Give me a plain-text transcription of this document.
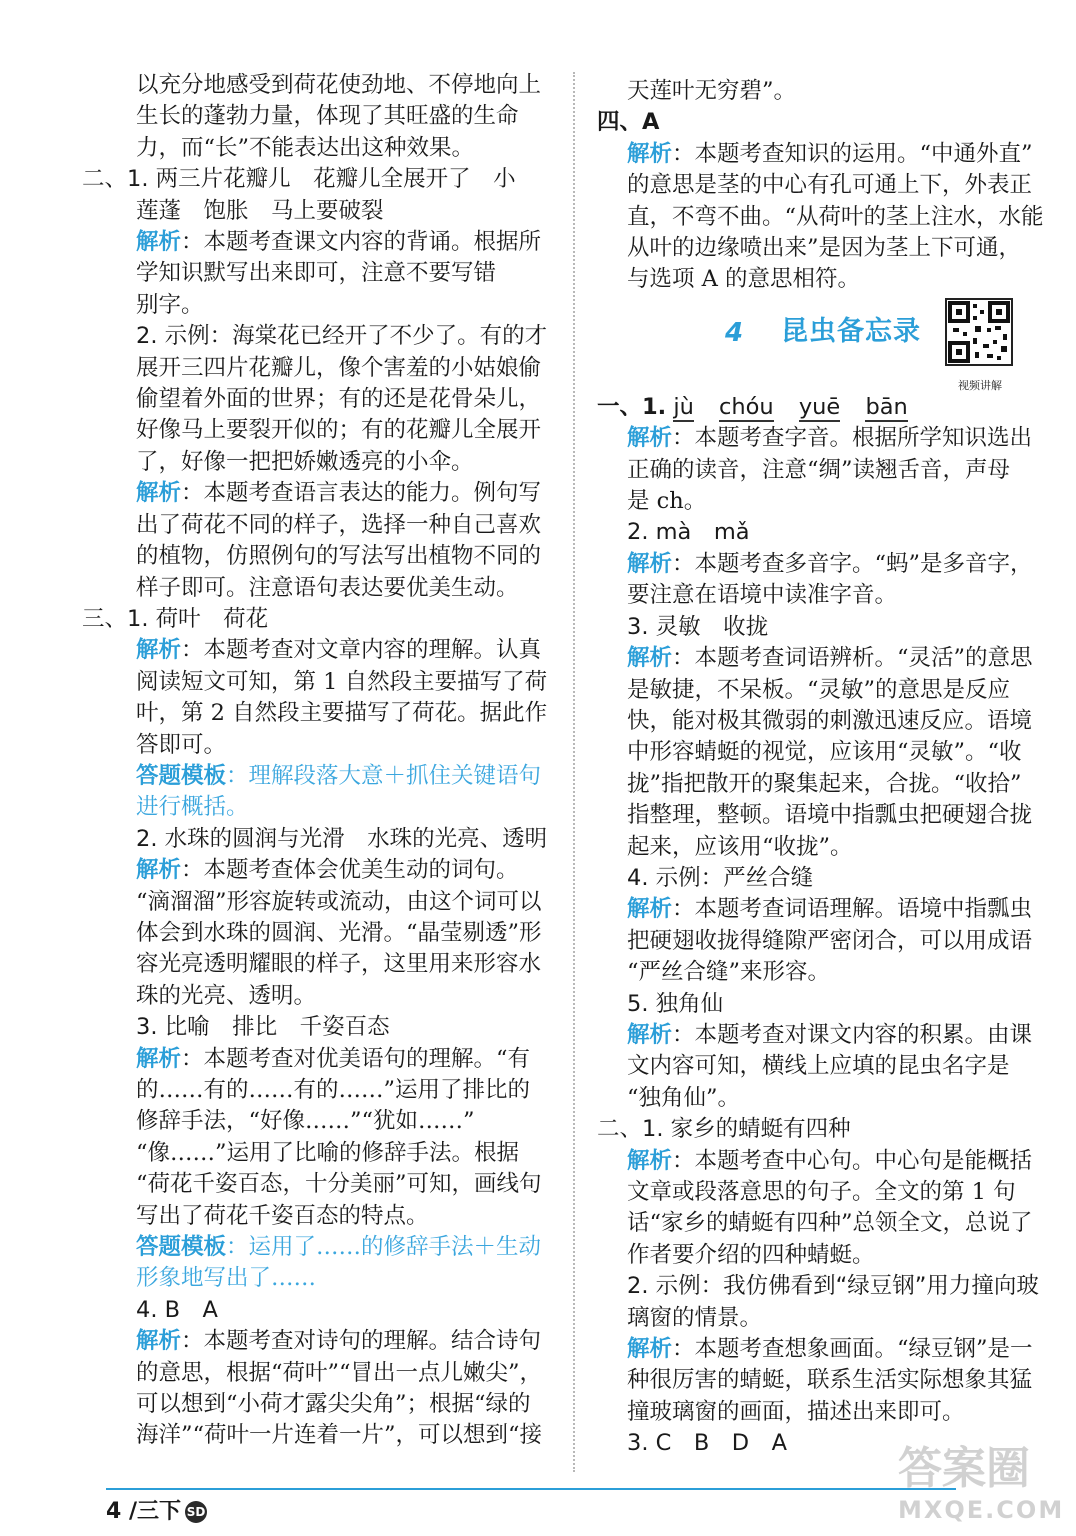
以充分地感受到荷花使劲地、不停地向上

生长的蓬勃力量，体现了其旺盛的生命

力，而“长”不能表达出这种效果。

二、1. 两三片花瓣儿　花瓣儿全展开了　小

莲蓬　饱胀　马上要破裂

解析：本题考查课文内容的背诵。根据所

学知识默写出来即可，注意不要写错

别字。

2. 示例：海棠花已经开了不少了。有的才

展开三四片花瓣儿，像个害羞的小姑娘偷

偷望着外面的世界；有的还是花骨朵儿，

好像马上要裂开似的；有的花瓣儿全展开

了，好像一把把娇嫩透亮的小伞。

解析：本题考查语言表达的能力。例句写

出了荷花不同的样子，选择一种自己喜欢

的植物，仿照例句的写法写出植物不同的

样子即可。注意语句表达要优美生动。

三、1. 荷叶　荷花

解析：本题考查对文章内容的理解。认真

阅读短文可知，第 1 自然段主要描写了荷

叶，第 2 自然段主要描写了荷花。据此作

答即可。

答题模板：理解段落大意＋抓住关键语句

进行概括。

2. 水珠的圆润与光滑　水珠的光亮、透明

解析：本题考查体会优美生动的词句。

“滴溜溜”形容旋转或流动，由这个词可以

体会到水珠的圆润、光滑。“晶莹剔透”形

容光亮透明耀眼的样子，这里用来形容水

珠的光亮、透明。

3. 比喻　排比　千姿百态

解析：本题考查对优美语句的理解。“有

的……有的……有的……”运用了排比的

修辞手法，“好像……”“犹如……”

“像……”运用了比喻的修辞手法。根据

“荷花千姿百态，十分美丽”可知，画线句

写出了荷花千姿百态的特点。

答题模板：运用了……的修辞手法＋生动

形象地写出了……

4. B　A

解析：本题考查对诗句的理解。结合诗句

的意思，根据“荷叶”“冒出一点儿嫩尖”，

可以想到“小荷才露尖尖角”；根据“绿的

海洋”“荷叶一片连着一片”，可以想到“接

天莲叶无穷碧”。

四、A

解析：本题考查知识的运用。“中通外直”

的意思是茎的中心有孔可通上下，外表正

直，不弯不曲。“从荷叶的茎上注水，水能

从叶的边缘喷出来”是因为茎上下可通，

与选项 A 的意思相符。

4 昆虫备忘录
视频讲解

一、1. jù chóu yuē bān

解析：本题考查字音。根据所学知识选出

正确的读音，注意“绸”读翘舌音，声母

是 ch。

2. mà　mǎ

解析：本题考查多音字。“蚂”是多音字，

要注意在语境中读准字音。

3. 灵敏　收拢

解析：本题考查词语辨析。“灵活”的意思

是敏捷，不呆板。“灵敏”的意思是反应

快，能对极其微弱的刺激迅速反应。语境

中形容蜻蜓的视觉，应该用“灵敏”。“收

拢”指把散开的聚集起来，合拢。“收拾”

指整理，整顿。语境中指瓢虫把硬翅合拢

起来，应该用“收拢”。

4. 示例：严丝合缝

解析：本题考查词语理解。语境中指瓢虫

把硬翅收拢得缝隙严密闭合，可以用成语

“严丝合缝”来形容。

5. 独角仙

解析：本题考查对课文内容的积累。由课

文内容可知，横线上应填的昆虫名字是

“独角仙”。

二、1. 家乡的蜻蜓有四种

解析：本题考查中心句。中心句是能概括

文章或段落意思的句子。全文的第 1 句

话“家乡的蜻蜓有四种”总领全文，总说了

作者要介绍的四种蜻蜓。

2. 示例：我仿佛看到“绿豆钢”用力撞向玻

璃窗的情景。

解析：本题考查想象画面。“绿豆钢”是一

种很厉害的蜻蜓，联系生活实际想象其猛

撞玻璃窗的画面，描述出来即可。

3. C　B　D　A

4 /三下 SD
答案圈
MXQE.COM
